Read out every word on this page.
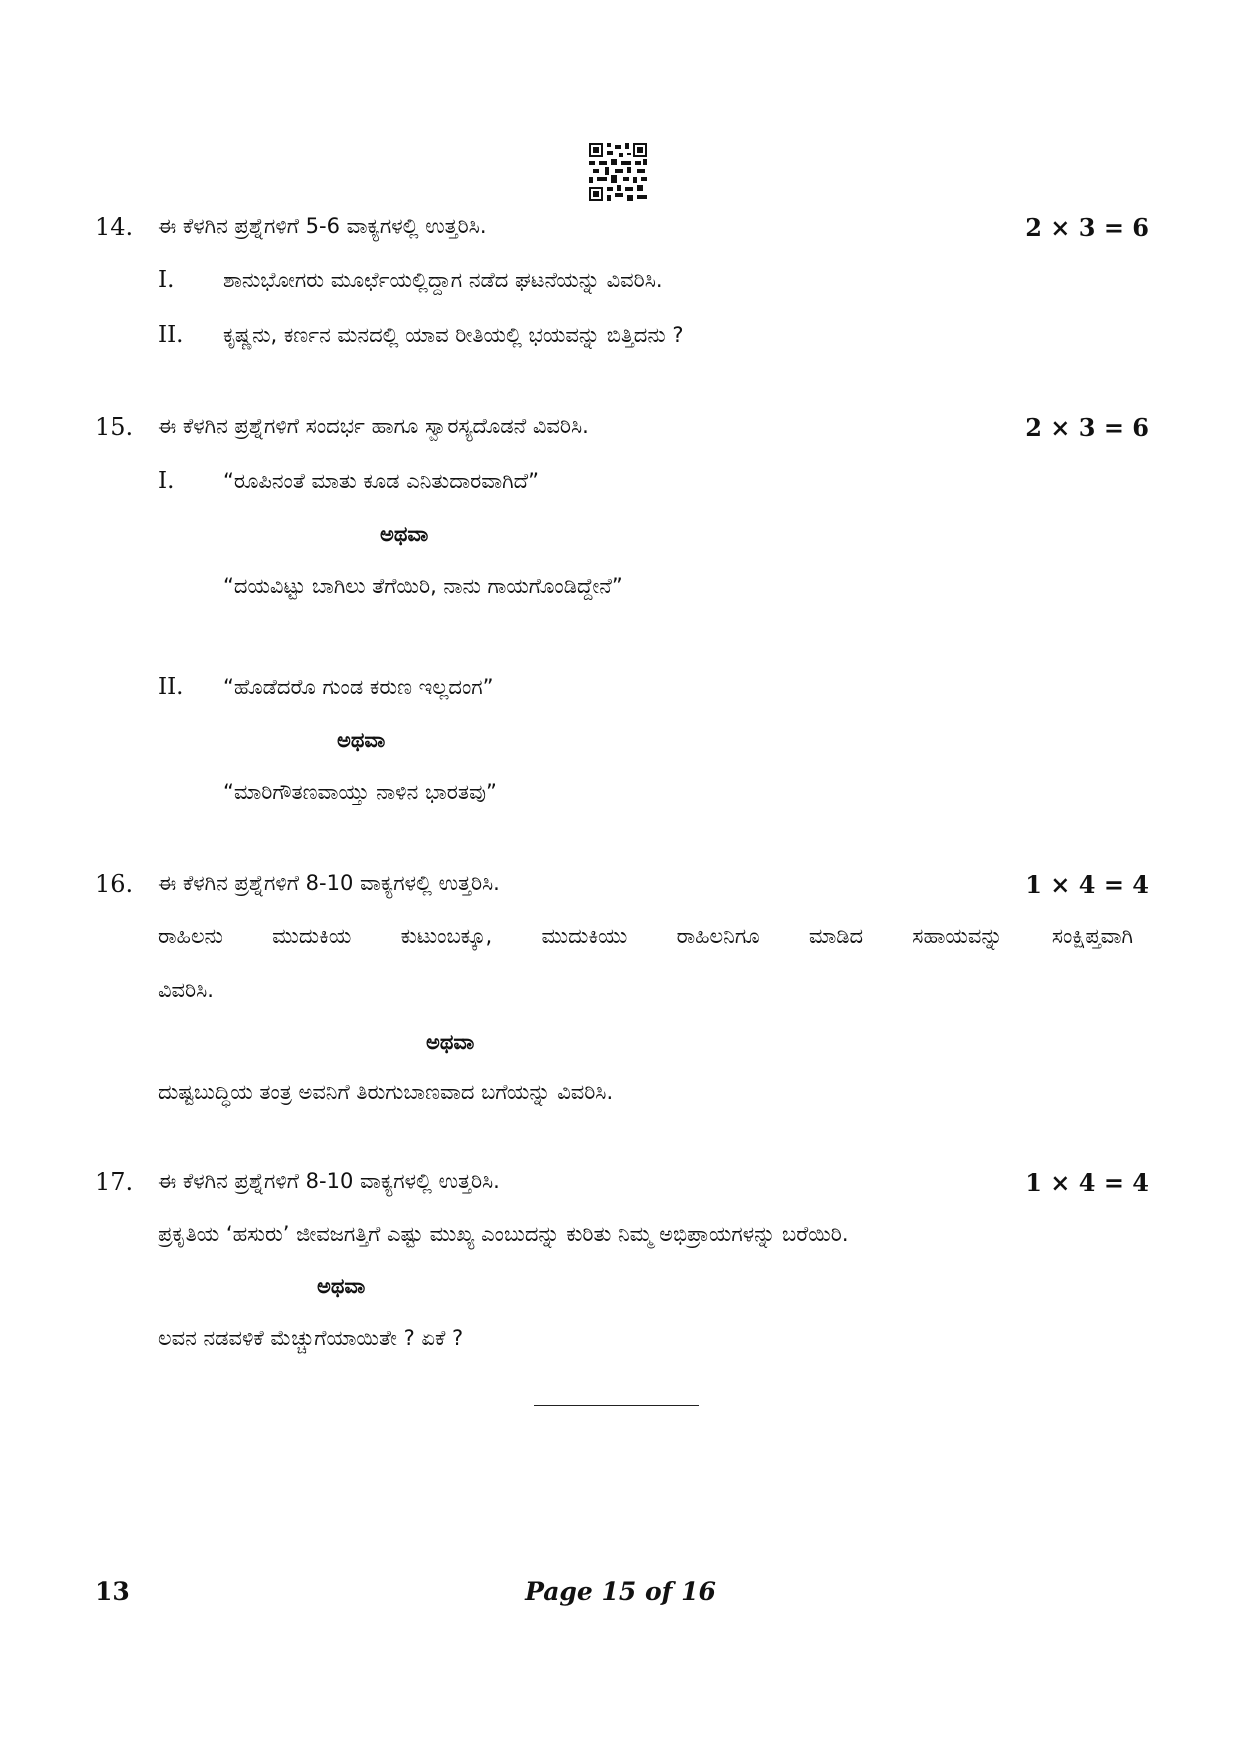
14. ಈ ಕೆಳಗಿನ ಪ್ರಶ್ನೆಗಳಿಗೆ 5-6 ವಾಕ್ಯಗಳಲ್ಲಿ ಉತ್ತರಿಸಿ.	2 × 3 = 6
I. ಶಾನುಭೋಗರು ಮೂರ್ಛೆಯಲ್ಲಿದ್ದಾಗ ನಡೆದ ಘಟನೆಯನ್ನು ವಿವರಿಸಿ.
II. ಕೃಷ್ಣನು, ಕರ್ಣನ ಮನದಲ್ಲಿ ಯಾವ ರೀತಿಯಲ್ಲಿ ಭಯವನ್ನು ಬಿತ್ತಿದನು ?
15. ಈ ಕೆಳಗಿನ ಪ್ರಶ್ನೆಗಳಿಗೆ ಸಂದರ್ಭ ಹಾಗೂ ಸ್ವಾರಸ್ಯದೊಡನೆ ವಿವರಿಸಿ.	2 × 3 = 6
I. “ರೂಪಿನಂತೆ ಮಾತು ಕೂಡ ಎನಿತುದಾರವಾಗಿದೆ”
ಅಥವಾ
“ದಯವಿಟ್ಟು ಬಾಗಿಲು ತೆಗೆಯಿರಿ, ನಾನು ಗಾಯಗೊಂಡಿದ್ದೇನೆ”
II. “ಹೊಡೆದರೊ ಗುಂಡ ಕರುಣ ಇಲ್ಲದಂಗ”
ಅಥವಾ
“ಮಾರಿಗೌತಣವಾಯ್ತು ನಾಳಿನ ಭಾರತವು”
16. ಈ ಕೆಳಗಿನ ಪ್ರಶ್ನೆಗಳಿಗೆ 8-10 ವಾಕ್ಯಗಳಲ್ಲಿ ಉತ್ತರಿಸಿ.	1 × 4 = 4
ರಾಹಿಲನು ಮುದುಕಿಯ ಕುಟುಂಬಕ್ಕೂ, ಮುದುಕಿಯು ರಾಹಿಲನಿಗೂ ಮಾಡಿದ ಸಹಾಯವನ್ನು ಸಂಕ್ಷಿಪ್ತವಾಗಿ
ವಿವರಿಸಿ.
ಅಥವಾ
ದುಷ್ಟಬುದ್ಧಿಯ ತಂತ್ರ ಅವನಿಗೆ ತಿರುಗುಬಾಣವಾದ ಬಗೆಯನ್ನು ವಿವರಿಸಿ.
17. ಈ ಕೆಳಗಿನ ಪ್ರಶ್ನೆಗಳಿಗೆ 8-10 ವಾಕ್ಯಗಳಲ್ಲಿ ಉತ್ತರಿಸಿ.	1 × 4 = 4
ಪ್ರಕೃತಿಯ ‘ಹಸುರು’ ಜೀವಜಗತ್ತಿಗೆ ಎಷ್ಟು ಮುಖ್ಯ ಎಂಬುದನ್ನು ಕುರಿತು ನಿಮ್ಮ ಅಭಿಪ್ರಾಯಗಳನ್ನು ಬರೆಯಿರಿ.
ಅಥವಾ
ಲವನ ನಡವಳಿಕೆ ಮೆಚ್ಚುಗೆಯಾಯಿತೇ ? ಏಕೆ ?
13	Page 15 of 16
